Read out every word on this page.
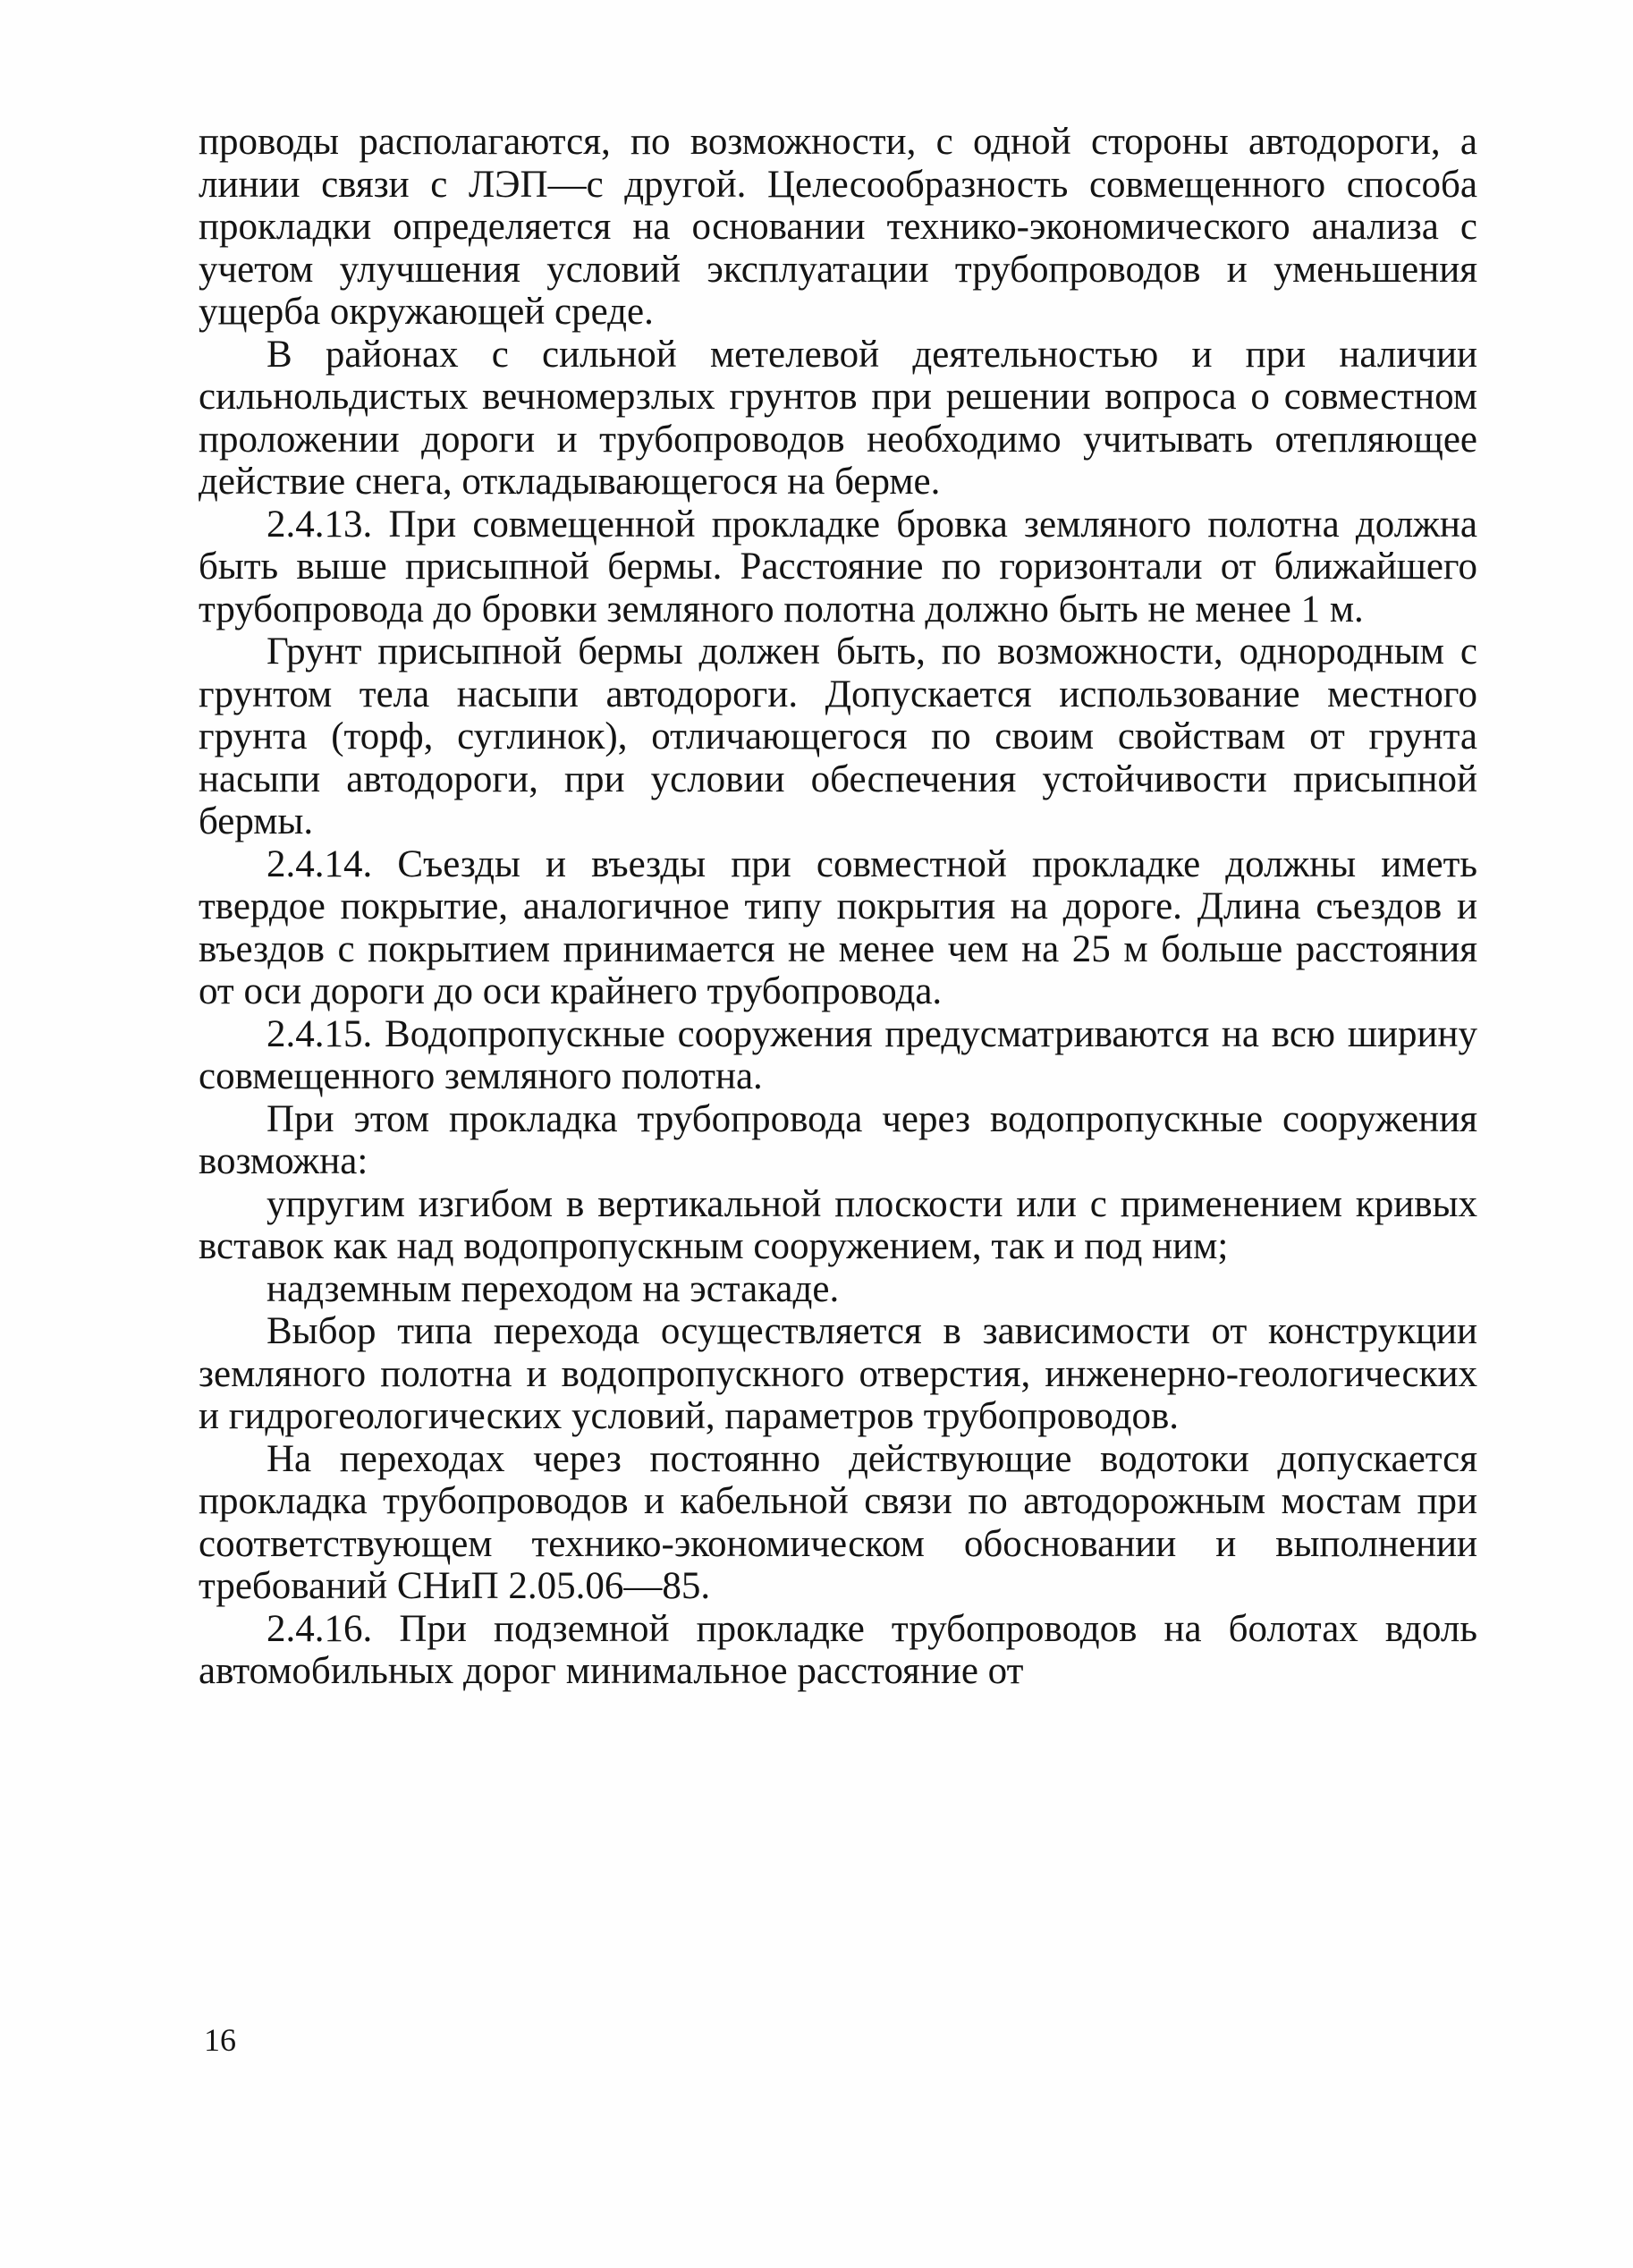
проводы располагаются, по возможности, с одной стороны автодороги, а линии связи с ЛЭП—с другой. Целесообразность совмещенного способа прокладки определяется на основании технико-экономического анализа с учетом улучшения условий эксплуатации трубопроводов и уменьшения ущерба окружающей среде.

В районах с сильной метелевой деятельностью и при наличии сильнольдистых вечномерзлых грунтов при решении вопроса о совместном проложении дороги и трубопроводов необходимо учитывать отепляющее действие снега, откладывающегося на берме.

2.4.13. При совмещенной прокладке бровка земляного полотна должна быть выше присыпной бермы. Расстояние по горизонтали от ближайшего трубопровода до бровки земляного полотна должно быть не менее 1 м.

Грунт присыпной бермы должен быть, по возможности, однородным с грунтом тела насыпи автодороги. Допускается использование местного грунта (торф, суглинок), отличающегося по своим свойствам от грунта насыпи автодороги, при условии обеспечения устойчивости присыпной бермы.

2.4.14. Съезды и въезды при совместной прокладке должны иметь твердое покрытие, аналогичное типу покрытия на дороге. Длина съездов и въездов с покрытием принимается не менее чем на 25 м больше расстояния от оси дороги до оси крайнего трубопровода.

2.4.15. Водопропускные сооружения предусматриваются на всю ширину совмещенного земляного полотна.

При этом прокладка трубопровода через водопропускные сооружения возможна:

упругим изгибом в вертикальной плоскости или с применением кривых вставок как над водопропускным сооружением, так и под ним;

надземным переходом на эстакаде.

Выбор типа перехода осуществляется в зависимости от конструкции земляного полотна и водопропускного отверстия, инженерно-геологических и гидрогеологических условий, параметров трубопроводов.

На переходах через постоянно действующие водотоки допускается прокладка трубопроводов и кабельной связи по автодорожным мостам при соответствующем технико-экономическом обосновании и выполнении требований СНиП 2.05.06—85.

2.4.16. При подземной прокладке трубопроводов на болотах вдоль автомобильных дорог минимальное расстояние от

16
